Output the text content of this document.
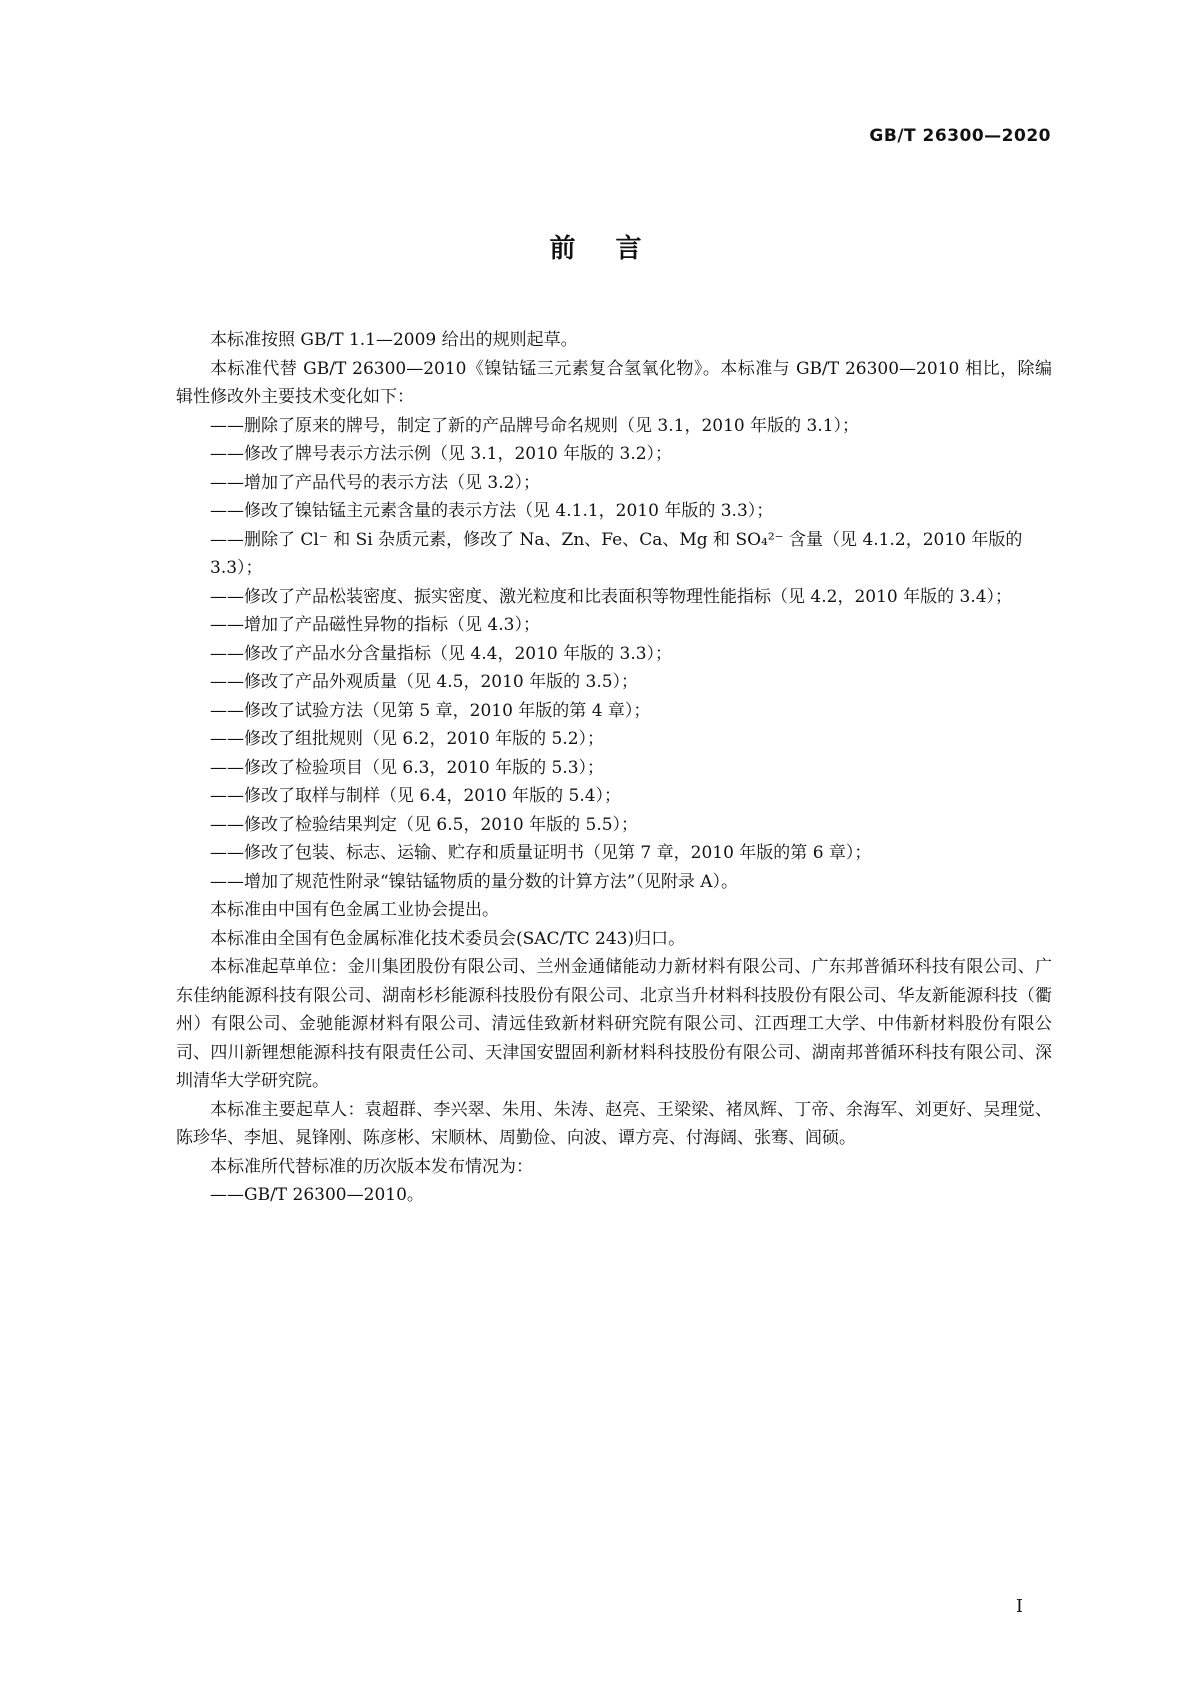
GB/T 26300—2020
前言

本标准按照 GB/T 1.1—2009 给出的规则起草。

本标准代替 GB/T 26300—2010《镍钴锰三元素复合氢氧化物》。本标准与 GB/T 26300—2010 相比，除编辑性修改外主要技术变化如下：

——删除了原来的牌号，制定了新的产品牌号命名规则（见 3.1，2010 年版的 3.1）；

——修改了牌号表示方法示例（见 3.1，2010 年版的 3.2）；

——增加了产品代号的表示方法（见 3.2）；

——修改了镍钴锰主元素含量的表示方法（见 4.1.1，2010 年版的 3.3）；

——删除了 Cl⁻ 和 Si 杂质元素，修改了 Na、Zn、Fe、Ca、Mg 和 SO₄²⁻ 含量（见 4.1.2，2010 年版的 3.3）；

——修改了产品松装密度、振实密度、激光粒度和比表面积等物理性能指标（见 4.2，2010 年版的 3.4）；

——增加了产品磁性异物的指标（见 4.3）；

——修改了产品水分含量指标（见 4.4，2010 年版的 3.3）；

——修改了产品外观质量（见 4.5，2010 年版的 3.5）；

——修改了试验方法（见第 5 章，2010 年版的第 4 章）；

——修改了组批规则（见 6.2，2010 年版的 5.2）；

——修改了检验项目（见 6.3，2010 年版的 5.3）；

——修改了取样与制样（见 6.4，2010 年版的 5.4）；

——修改了检验结果判定（见 6.5，2010 年版的 5.5）；

——修改了包装、标志、运输、贮存和质量证明书（见第 7 章，2010 年版的第 6 章）；

——增加了规范性附录“镍钴锰物质的量分数的计算方法”（见附录 A）。

本标准由中国有色金属工业协会提出。

本标准由全国有色金属标准化技术委员会(SAC/TC 243)归口。

本标准起草单位：金川集团股份有限公司、兰州金通储能动力新材料有限公司、广东邦普循环科技有限公司、广东佳纳能源科技有限公司、湖南杉杉能源科技股份有限公司、北京当升材料科技股份有限公司、华友新能源科技（衢州）有限公司、金驰能源材料有限公司、清远佳致新材料研究院有限公司、江西理工大学、中伟新材料股份有限公司、四川新锂想能源科技有限责任公司、天津国安盟固利新材料科技股份有限公司、湖南邦普循环科技有限公司、深圳清华大学研究院。

本标准主要起草人：袁超群、李兴翠、朱用、朱涛、赵亮、王梁梁、褚凤辉、丁帝、余海军、刘更好、吴理觉、陈珍华、李旭、晁锋刚、陈彦彬、宋顺林、周勤俭、向波、谭方亮、付海阔、张骞、闾硕。

本标准所代替标准的历次版本发布情况为：

——GB/T 26300—2010。

I
